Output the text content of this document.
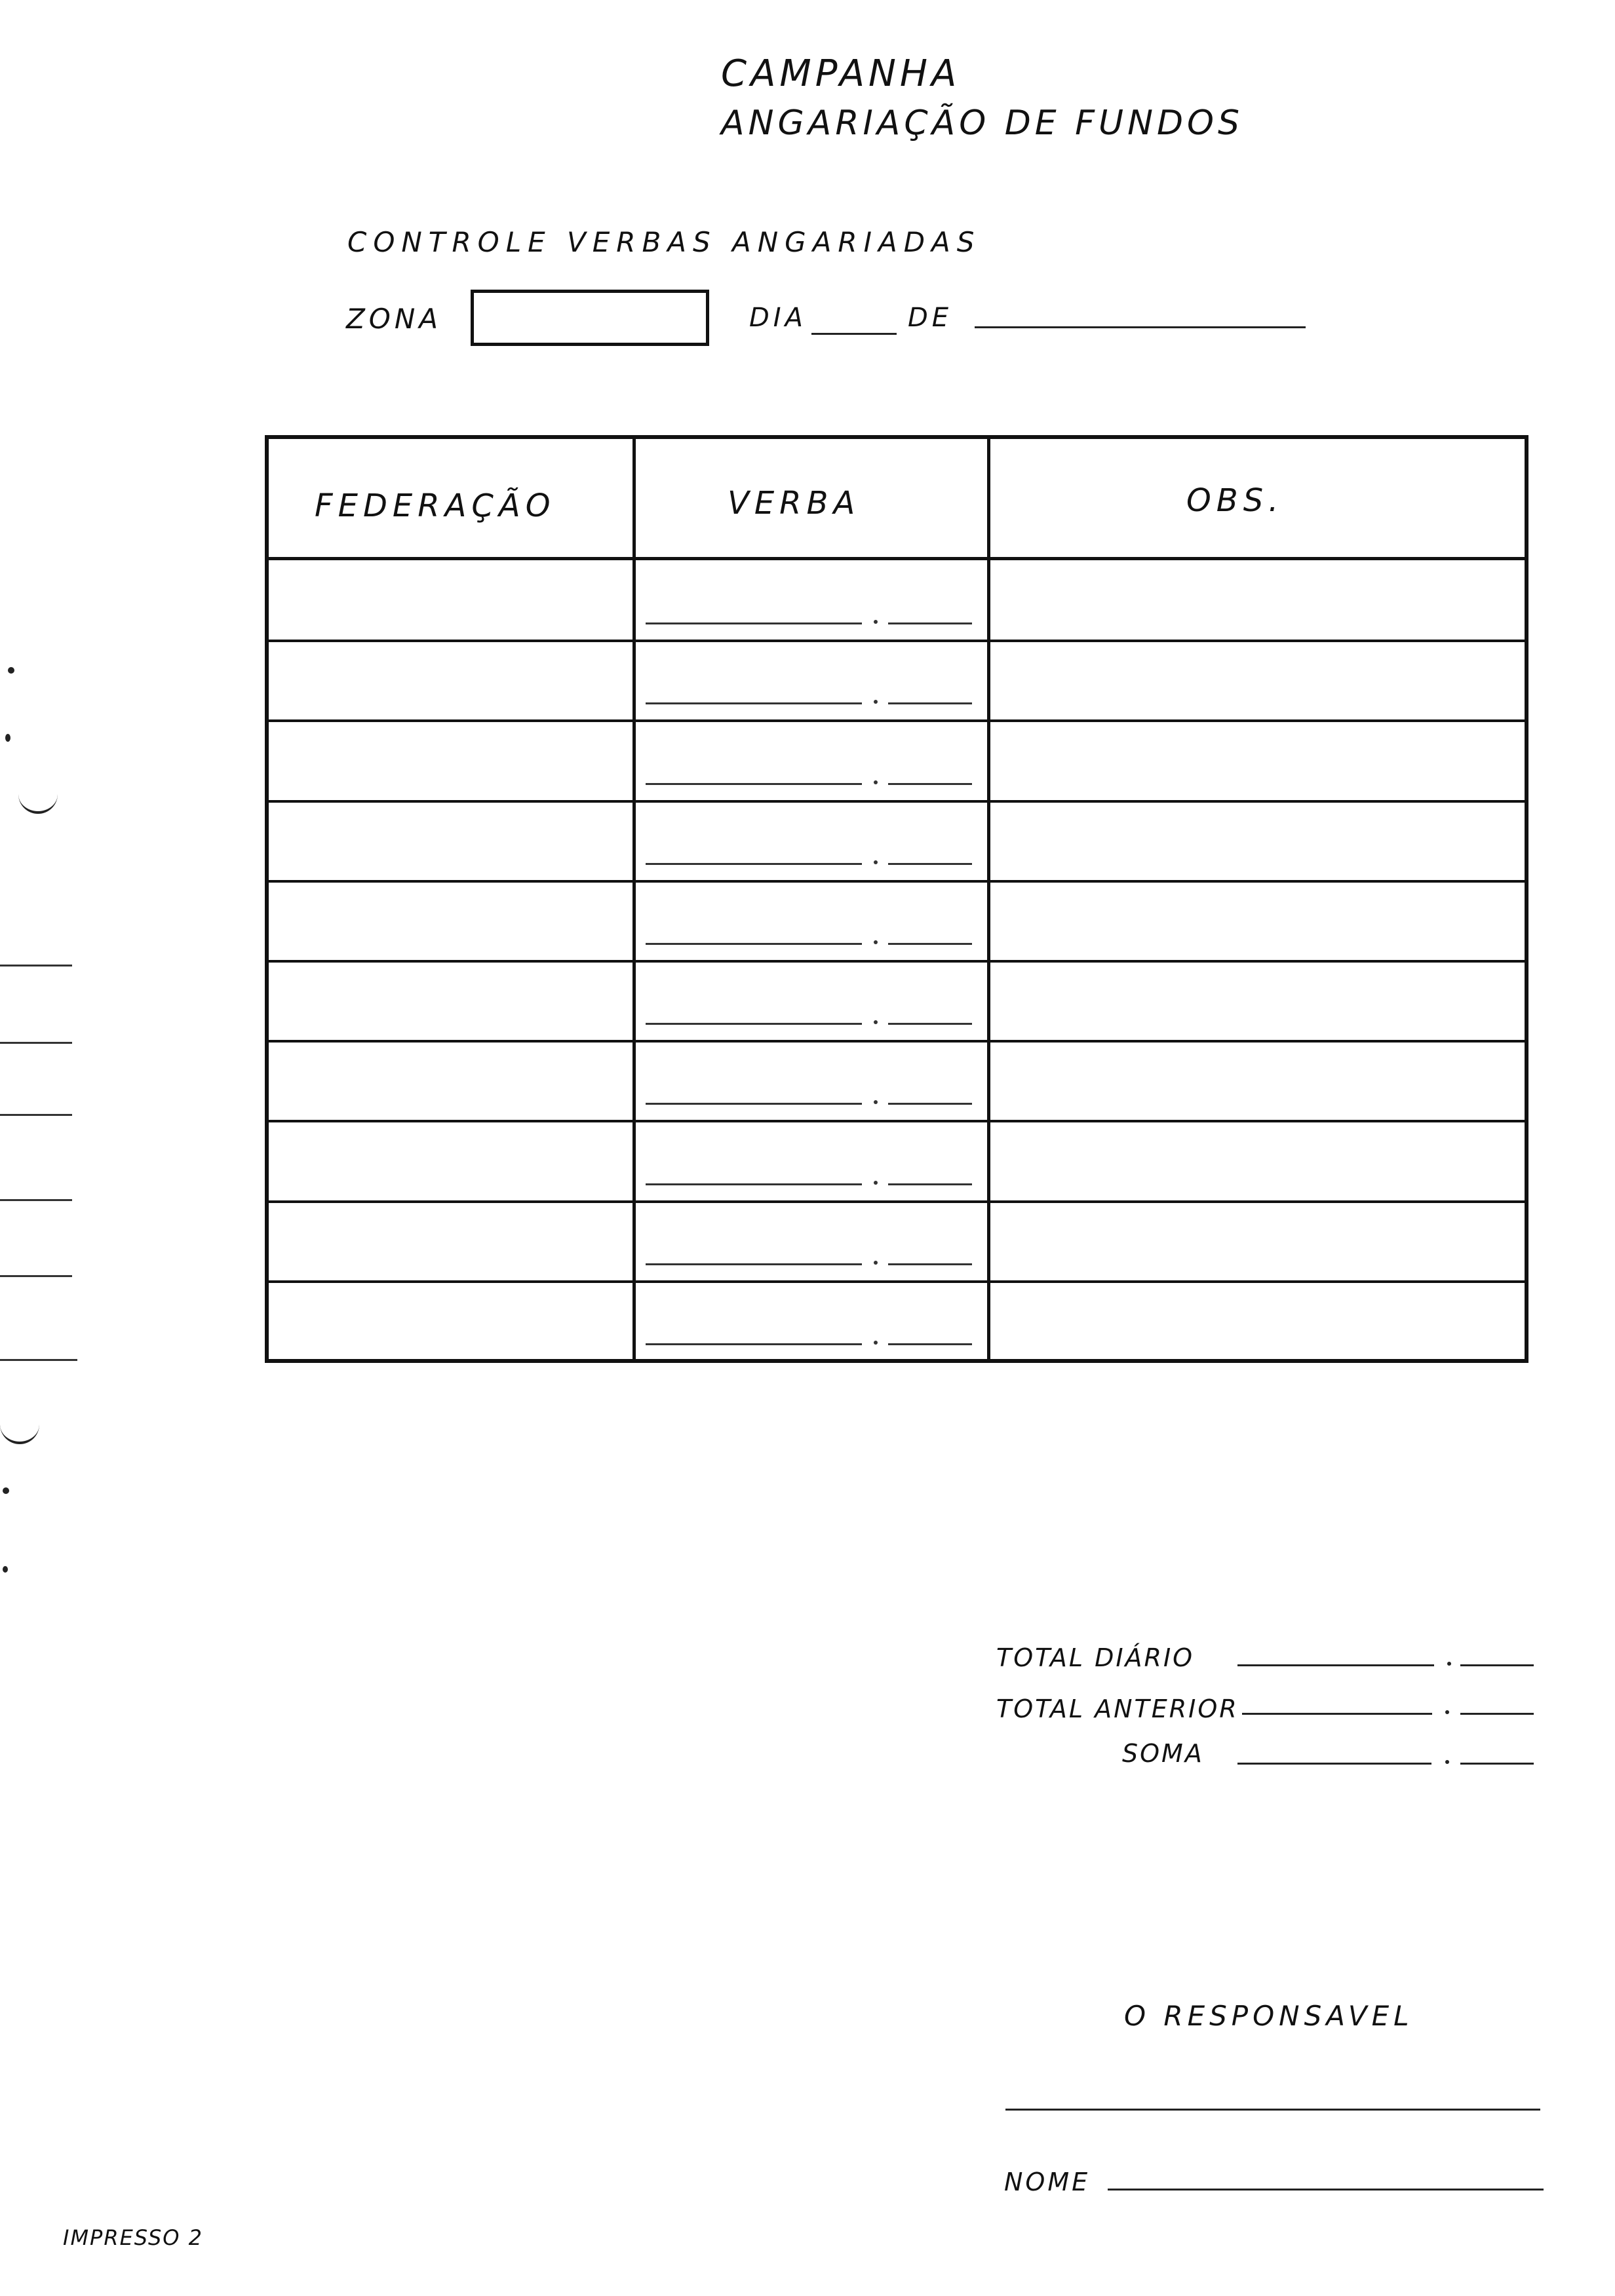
CAMPANHA
ANGARIAÇÃO DE FUNDOS
CONTROLE VERBAS ANGARIADAS
ZONA	DIA	DE
FEDERAÇÃO	VERBA	OBS.
TOTAL DIÁRIO
TOTAL ANTERIOR
SOMA
O RESPONSAVEL
NOME
IMPRESSO 2
